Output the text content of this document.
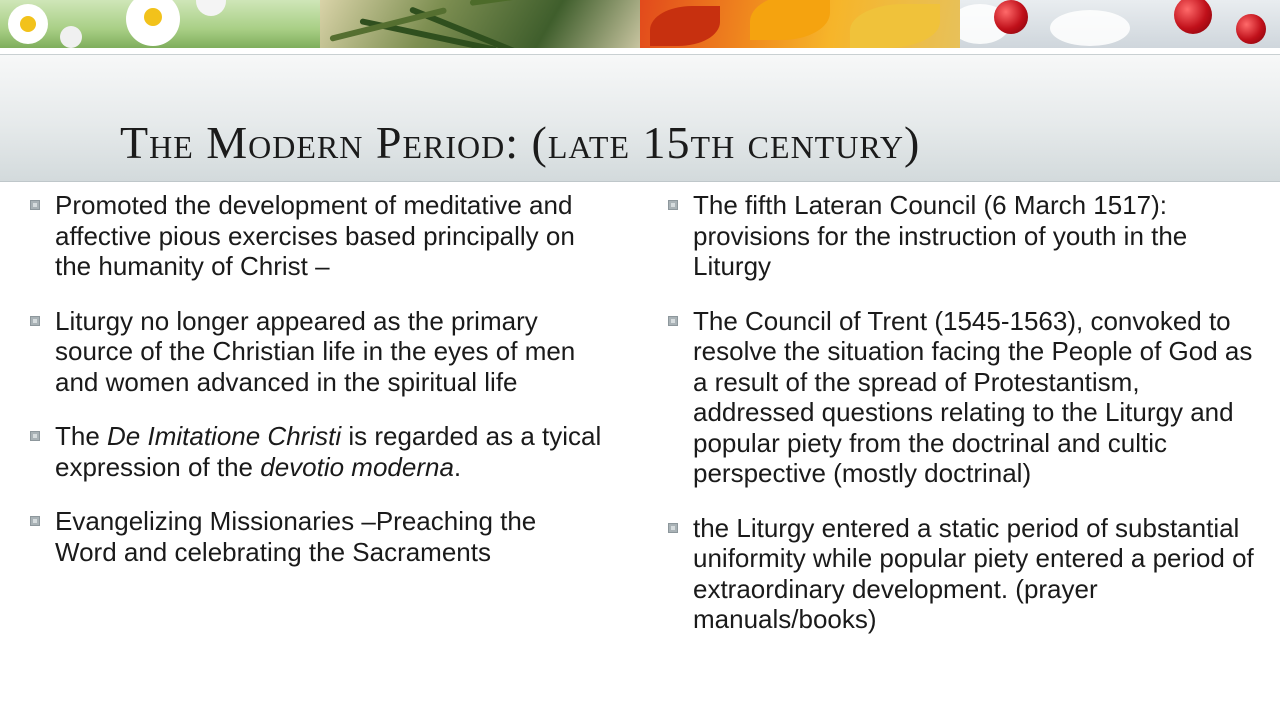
The Modern Period: (late 15th century)
Promoted the development of meditative and affective pious exercises based principally on the humanity of Christ –
Liturgy no longer appeared as the primary source of the Christian life in the eyes of men and women advanced in the spiritual life
The De Imitatione Christi is regarded as a tyical expression of the devotio moderna.
Evangelizing Missionaries –Preaching the Word and celebrating the Sacraments
The fifth Lateran Council (6 March 1517): provisions for the instruction of youth in the Liturgy
The Council of Trent (1545-1563), convoked to resolve the situation facing the People of God as a result of the spread of Protestantism, addressed questions relating to the Liturgy and popular piety from the doctrinal and cultic perspective (mostly doctrinal)
the Liturgy entered a static period of substantial uniformity while popular piety entered a period of extraordinary development. (prayer manuals/books)
